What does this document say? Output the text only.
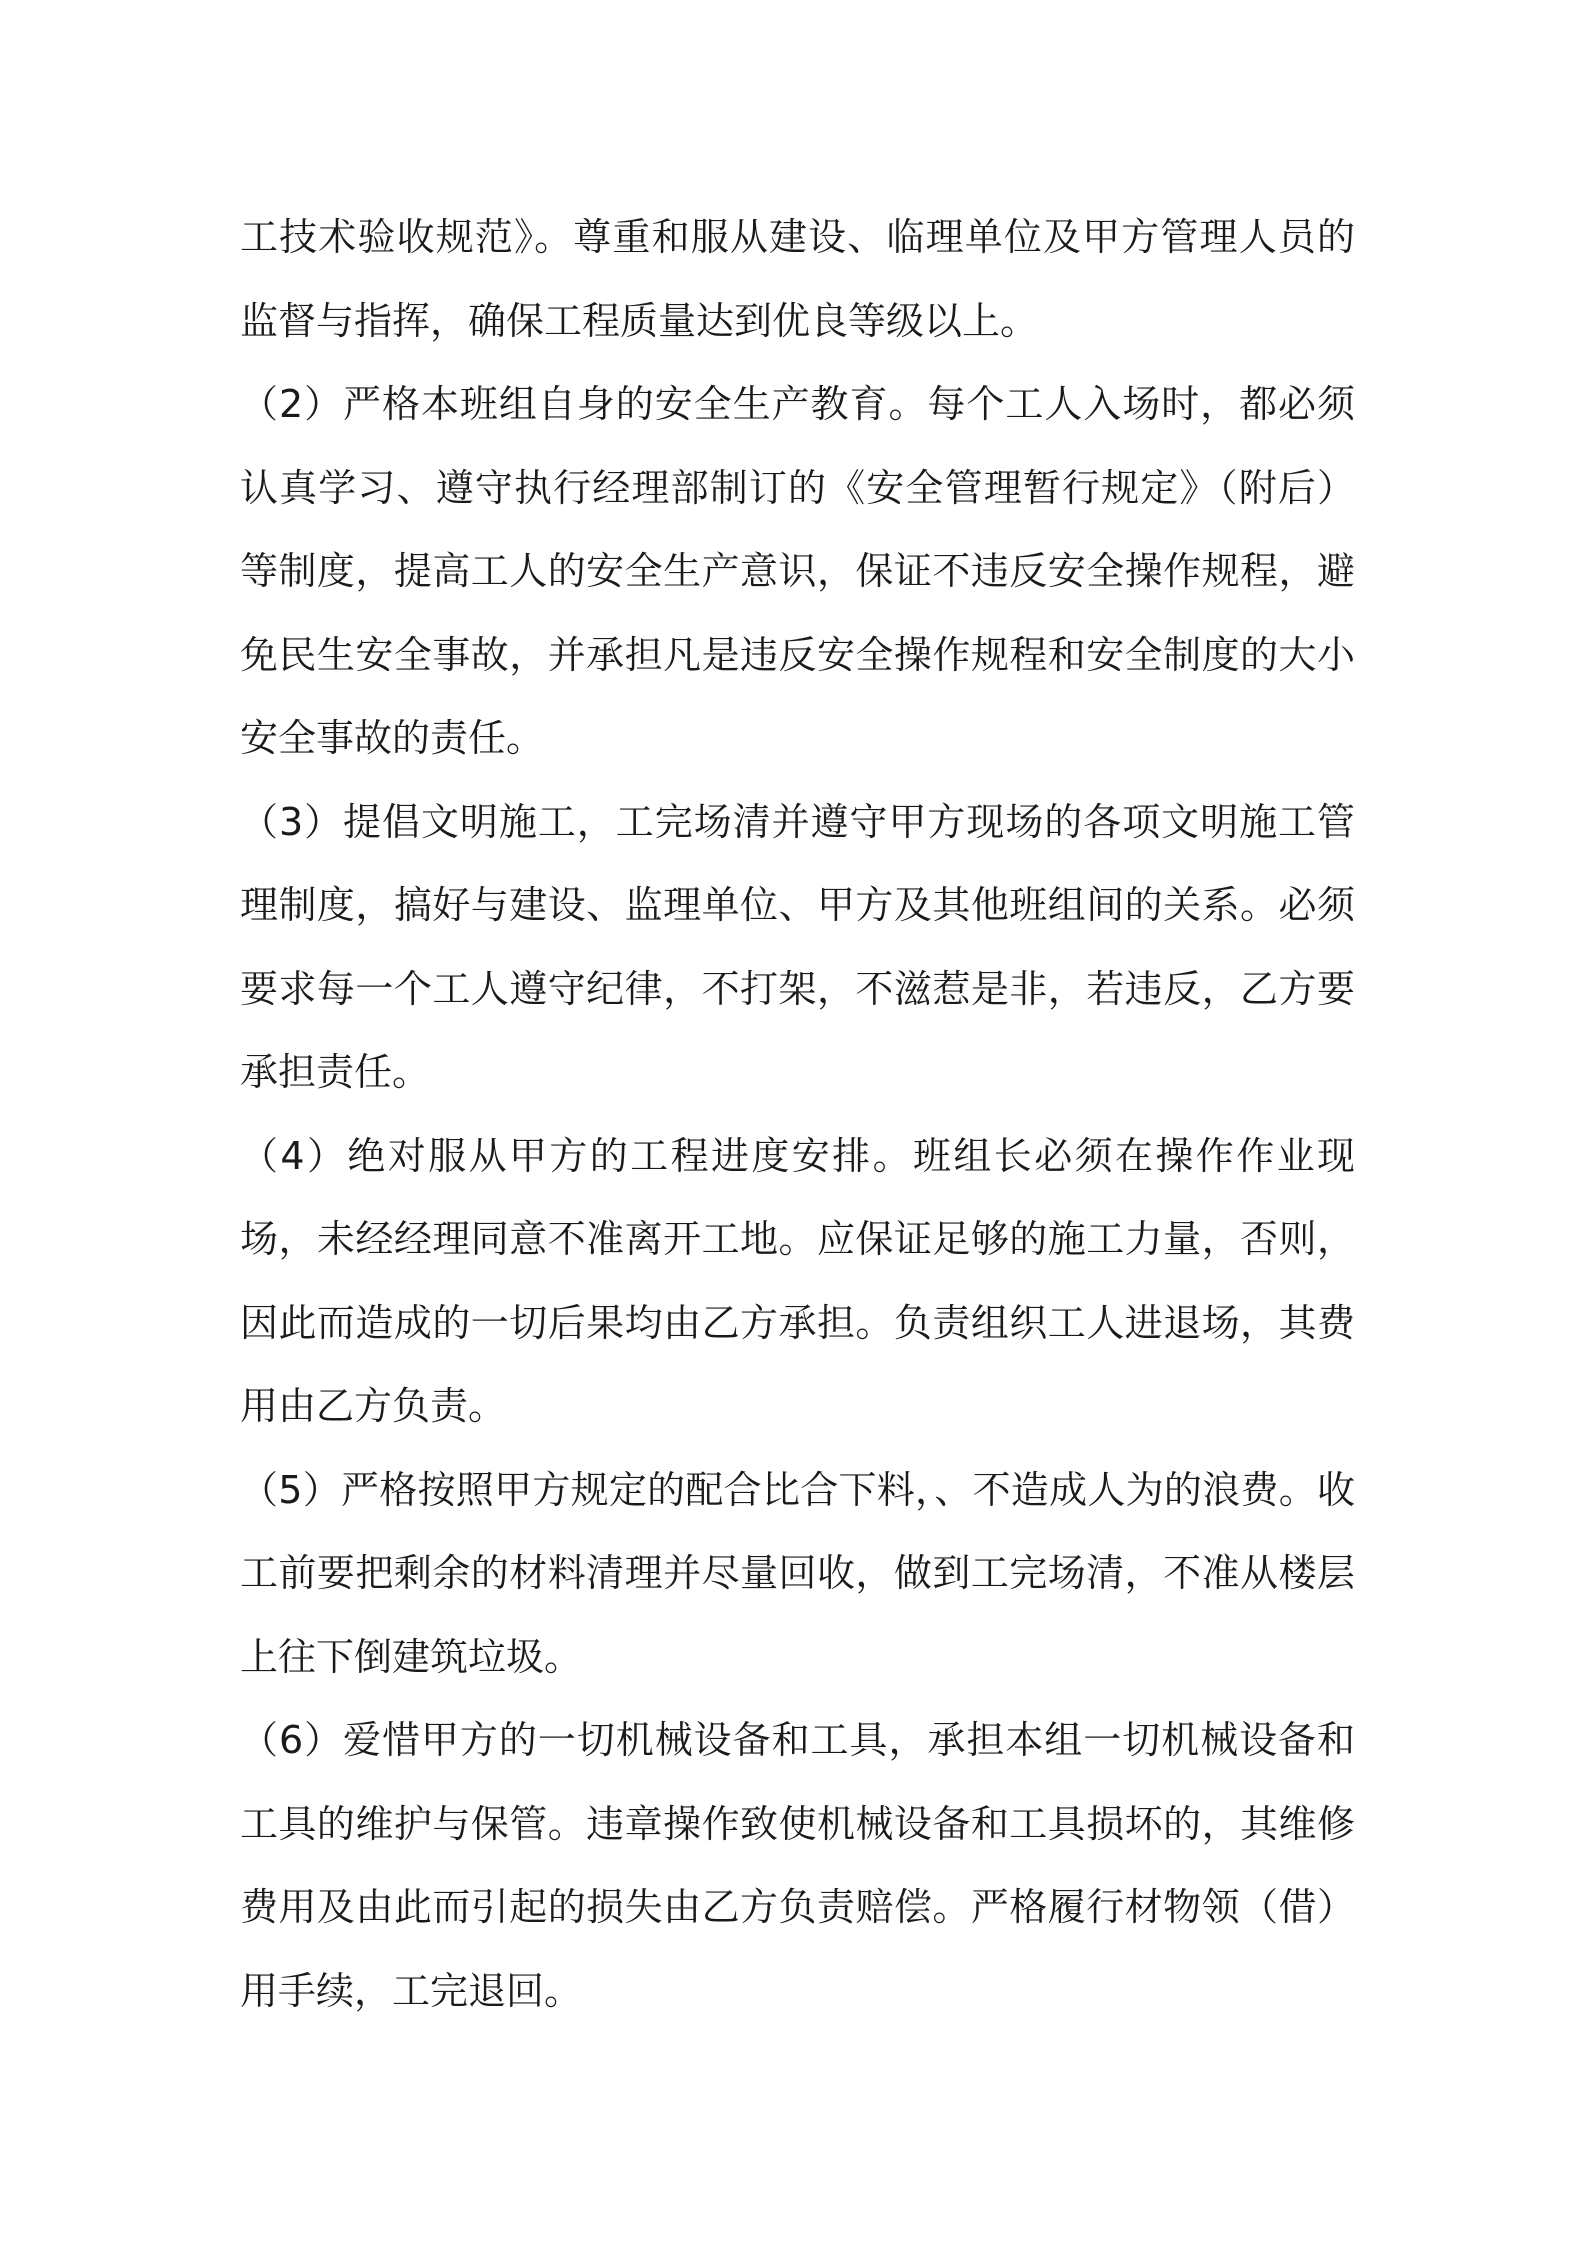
工技术验收规范》。尊重和服从建设、临理单位及甲方管理人员的监督与指挥，确保工程质量达到优良等级以上。

（2）严格本班组自身的安全生产教育。每个工人入场时，都必须认真学习、遵守执行经理部制订的《安全管理暂行规定》（附后）等制度，提高工人的安全生产意识，保证不违反安全操作规程，避免民生安全事故，并承担凡是违反安全操作规程和安全制度的大小安全事故的责任。

（3）提倡文明施工，工完场清并遵守甲方现场的各项文明施工管理制度，搞好与建设、监理单位、甲方及其他班组间的关系。必须要求每一个工人遵守纪律，不打架，不滋惹是非，若违反，乙方要承担责任。

（4）绝对服从甲方的工程进度安排。班组长必须在操作作业现场，未经经理同意不准离开工地。应保证足够的施工力量，否则，因此而造成的一切后果均由乙方承担。负责组织工人进退场，其费用由乙方负责。

（5）严格按照甲方规定的配合比合下料，、不造成人为的浪费。收工前要把剩余的材料清理并尽量回收，做到工完场清，不准从楼层上往下倒建筑垃圾。

（6）爱惜甲方的一切机械设备和工具，承担本组一切机械设备和工具的维护与保管。违章操作致使机械设备和工具损坏的，其维修费用及由此而引起的损失由乙方负责赔偿。严格履行材物领（借）用手续，工完退回。
